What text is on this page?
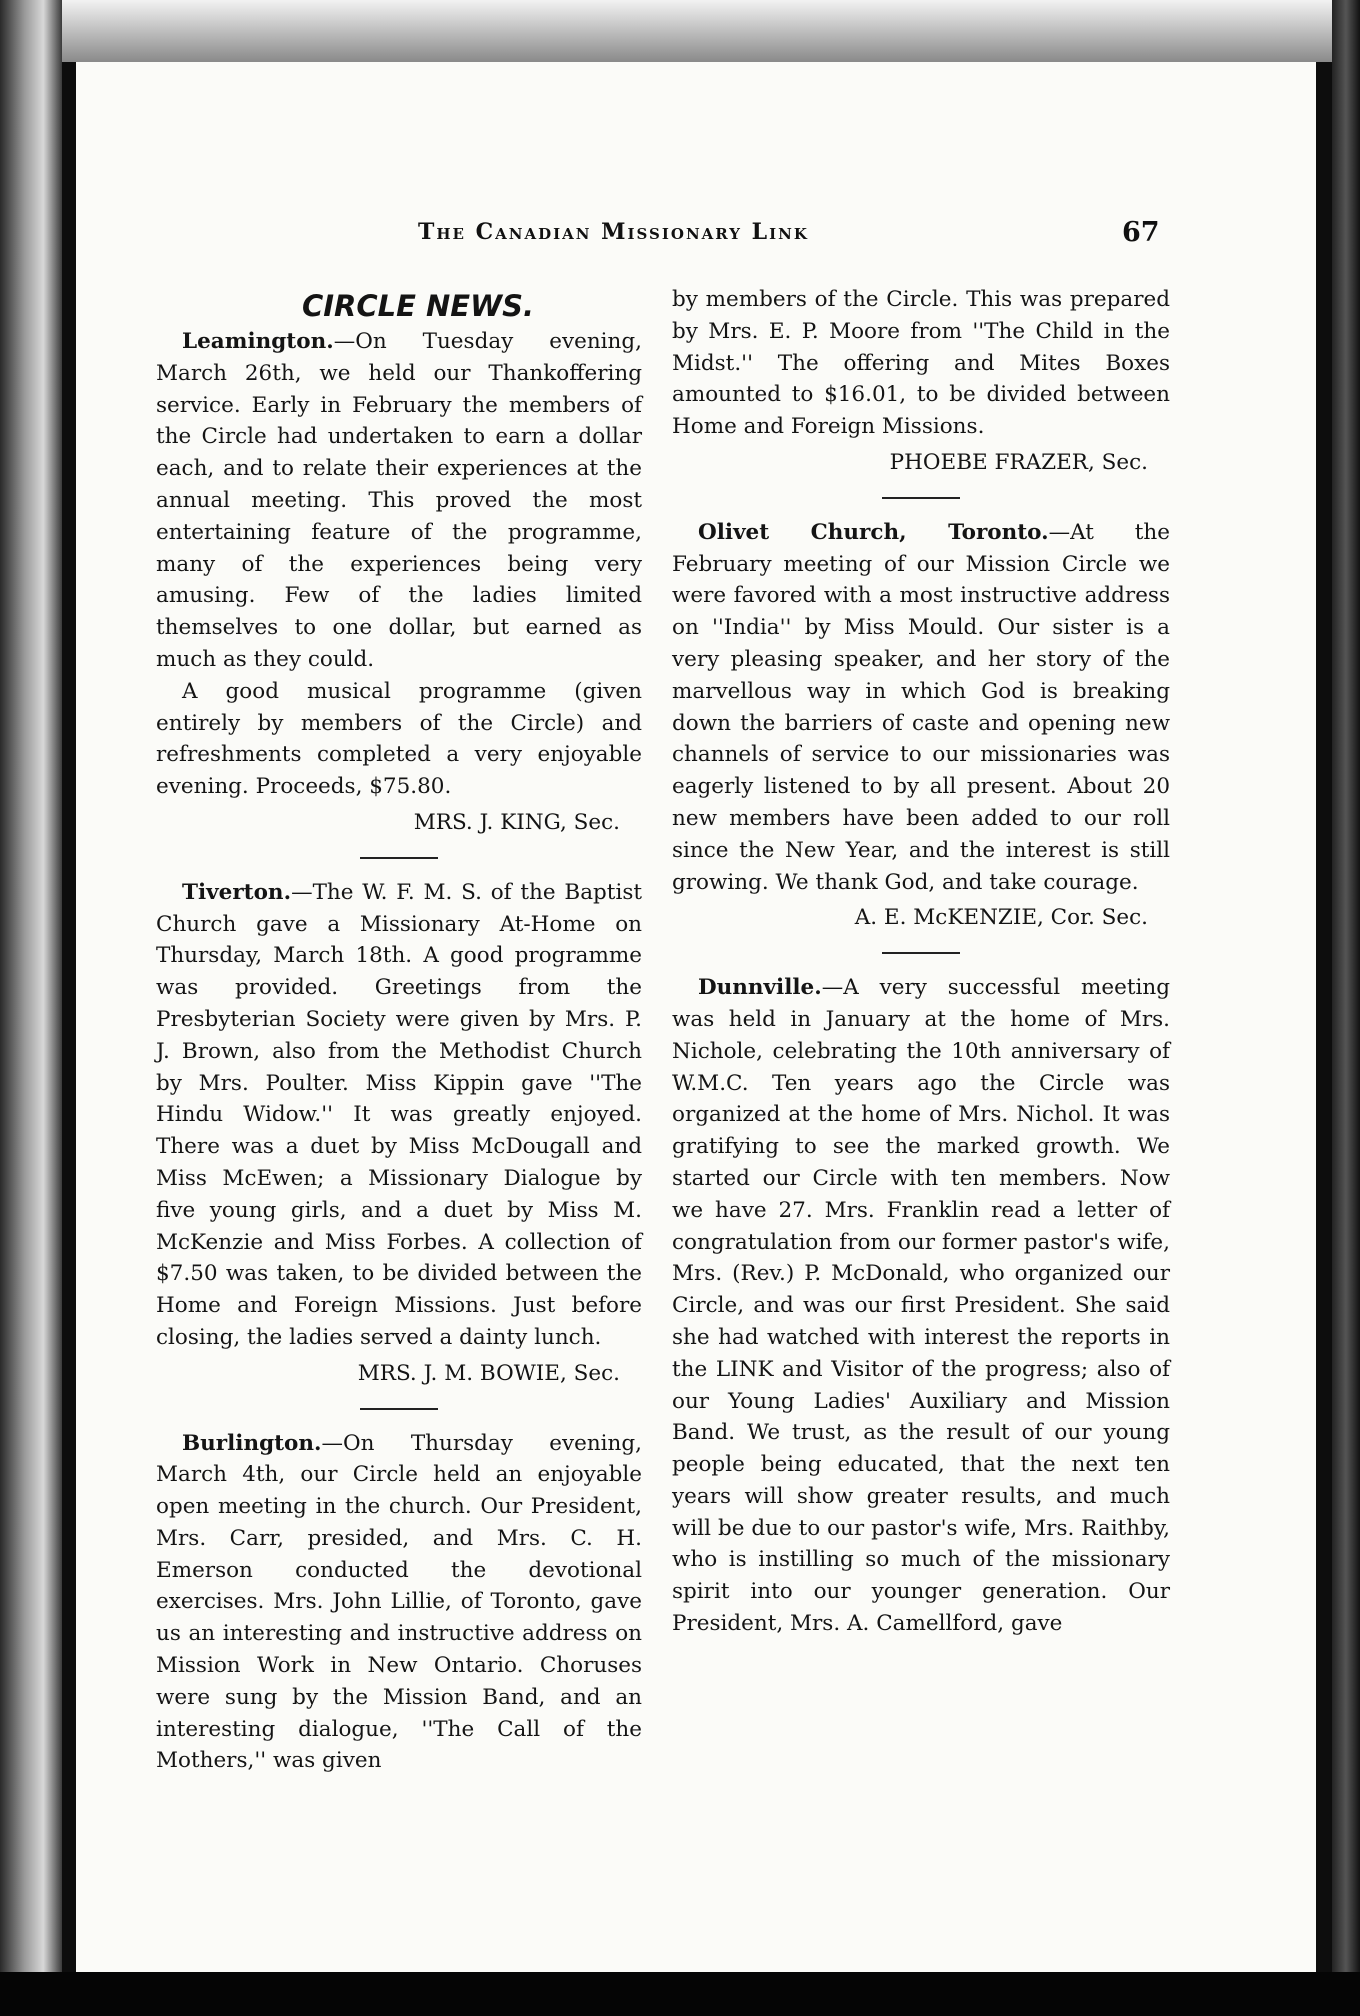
The Canadian Missionary Link	67
CIRCLE NEWS.

Leamington.—On Tuesday evening, March 26th, we held our Thankoffering service. Early in February the members of the Circle had undertaken to earn a dollar each, and to relate their experiences at the annual meeting. This proved the most entertaining feature of the programme, many of the experiences being very amusing. Few of the ladies limited themselves to one dollar, but earned as much as they could.

A good musical programme (given entirely by members of the Circle) and refreshments completed a very enjoyable evening. Proceeds, $75.80.

MRS. J. KING, Sec.

Tiverton.—The W. F. M. S. of the Baptist Church gave a Missionary At-Home on Thursday, March 18th. A good programme was provided. Greetings from the Presbyterian Society were given by Mrs. P. J. Brown, also from the Methodist Church by Mrs. Poulter. Miss Kippin gave ''The Hindu Widow.'' It was greatly enjoyed. There was a duet by Miss McDougall and Miss McEwen; a Missionary Dialogue by five young girls, and a duet by Miss M. McKenzie and Miss Forbes. A collection of $7.50 was taken, to be divided between the Home and Foreign Missions. Just before closing, the ladies served a dainty lunch.

MRS. J. M. BOWIE, Sec.

Burlington.—On Thursday evening, March 4th, our Circle held an enjoyable open meeting in the church. Our President, Mrs. Carr, presided, and Mrs. C. H. Emerson conducted the devotional exercises. Mrs. John Lillie, of Toronto, gave us an interesting and instructive address on Mission Work in New Ontario. Choruses were sung by the Mission Band, and an interesting dialogue, ''The Call of the Mothers,'' was given

by members of the Circle. This was prepared by Mrs. E. P. Moore from ''The Child in the Midst.'' The offering and Mites Boxes amounted to $16.01, to be divided between Home and Foreign Missions.

PHOEBE FRAZER, Sec.

Olivet Church, Toronto.—At the February meeting of our Mission Circle we were favored with a most instructive address on ''India'' by Miss Mould. Our sister is a very pleasing speaker, and her story of the marvellous way in which God is breaking down the barriers of caste and opening new channels of service to our missionaries was eagerly listened to by all present. About 20 new members have been added to our roll since the New Year, and the interest is still growing. We thank God, and take courage.

A. E. McKENZIE, Cor. Sec.

Dunnville.—A very successful meeting was held in January at the home of Mrs. Nichole, celebrating the 10th anniversary of W.M.C. Ten years ago the Circle was organized at the home of Mrs. Nichol. It was gratifying to see the marked growth. We started our Circle with ten members. Now we have 27. Mrs. Franklin read a letter of congratulation from our former pastor's wife, Mrs. (Rev.) P. McDonald, who organized our Circle, and was our first President. She said she had watched with interest the reports in the LINK and Visitor of the progress; also of our Young Ladies' Auxiliary and Mission Band. We trust, as the result of our young people being educated, that the next ten years will show greater results, and much will be due to our pastor's wife, Mrs. Raithby, who is instilling so much of the missionary spirit into our younger generation. Our President, Mrs. A. Camellford, gave
